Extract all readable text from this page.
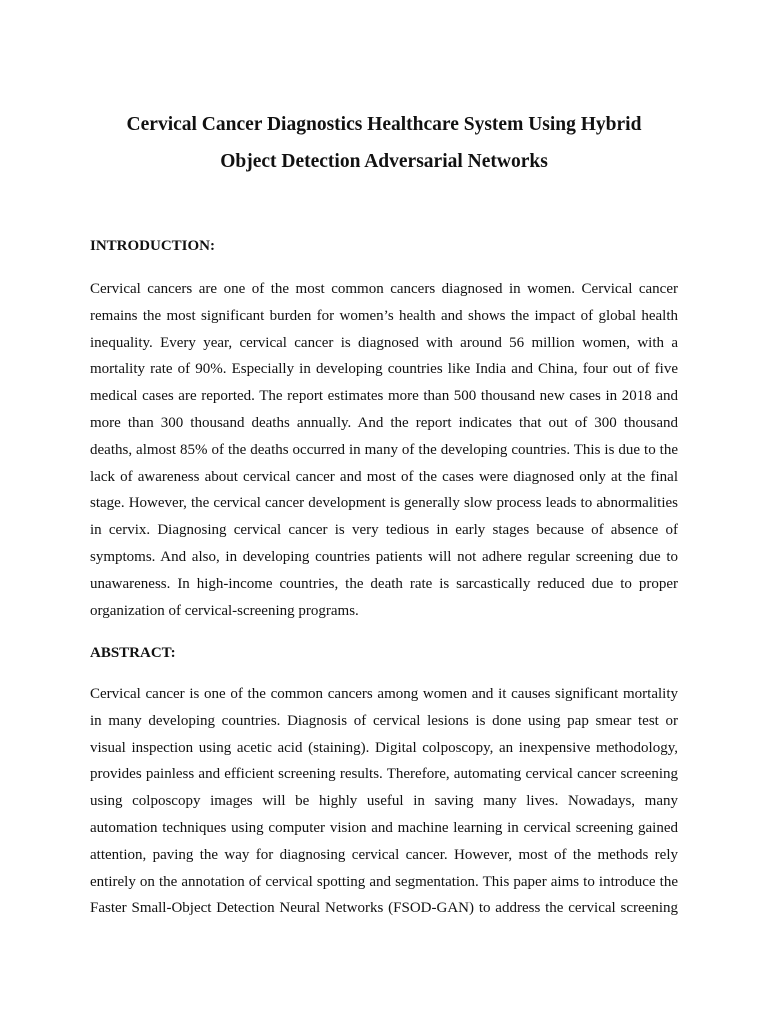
Cervical Cancer Diagnostics Healthcare System Using Hybrid
Object Detection Adversarial Networks
INTRODUCTION:
Cervical cancers are one of the most common cancers diagnosed in women. Cervical cancer
remains the most significant burden for women’s health and shows the impact of global health
inequality. Every year, cervical cancer is diagnosed with around 56 million women, with a
mortality rate of 90%. Especially in developing countries like India and China, four out of five
medical cases are reported. The report estimates more than 500 thousand new cases in 2018 and
more than 300 thousand deaths annually. And the report indicates that out of 300 thousand
deaths, almost 85% of the deaths occurred in many of the developing countries. This is due to the
lack of awareness about cervical cancer and most of the cases were diagnosed only at the final
stage. However, the cervical cancer development is generally slow process leads to abnormalities
in cervix. Diagnosing cervical cancer is very tedious in early stages because of absence of
symptoms. And also, in developing countries patients will not adhere regular screening due to
unawareness. In high-income countries, the death rate is sarcastically reduced due to proper
organization of cervical-screening programs.
ABSTRACT:
Cervical cancer is one of the common cancers among women and it causes significant mortality
in many developing countries. Diagnosis of cervical lesions is done using pap smear test or
visual inspection using acetic acid (staining). Digital colposcopy, an inexpensive methodology,
provides painless and efficient screening results. Therefore, automating cervical cancer screening
using colposcopy images will be highly useful in saving many lives. Nowadays, many
automation techniques using computer vision and machine learning in cervical screening gained
attention, paving the way for diagnosing cervical cancer. However, most of the methods rely
entirely on the annotation of cervical spotting and segmentation. This paper aims to introduce the
Faster Small-Object Detection Neural Networks (FSOD-GAN) to address the cervical screening
